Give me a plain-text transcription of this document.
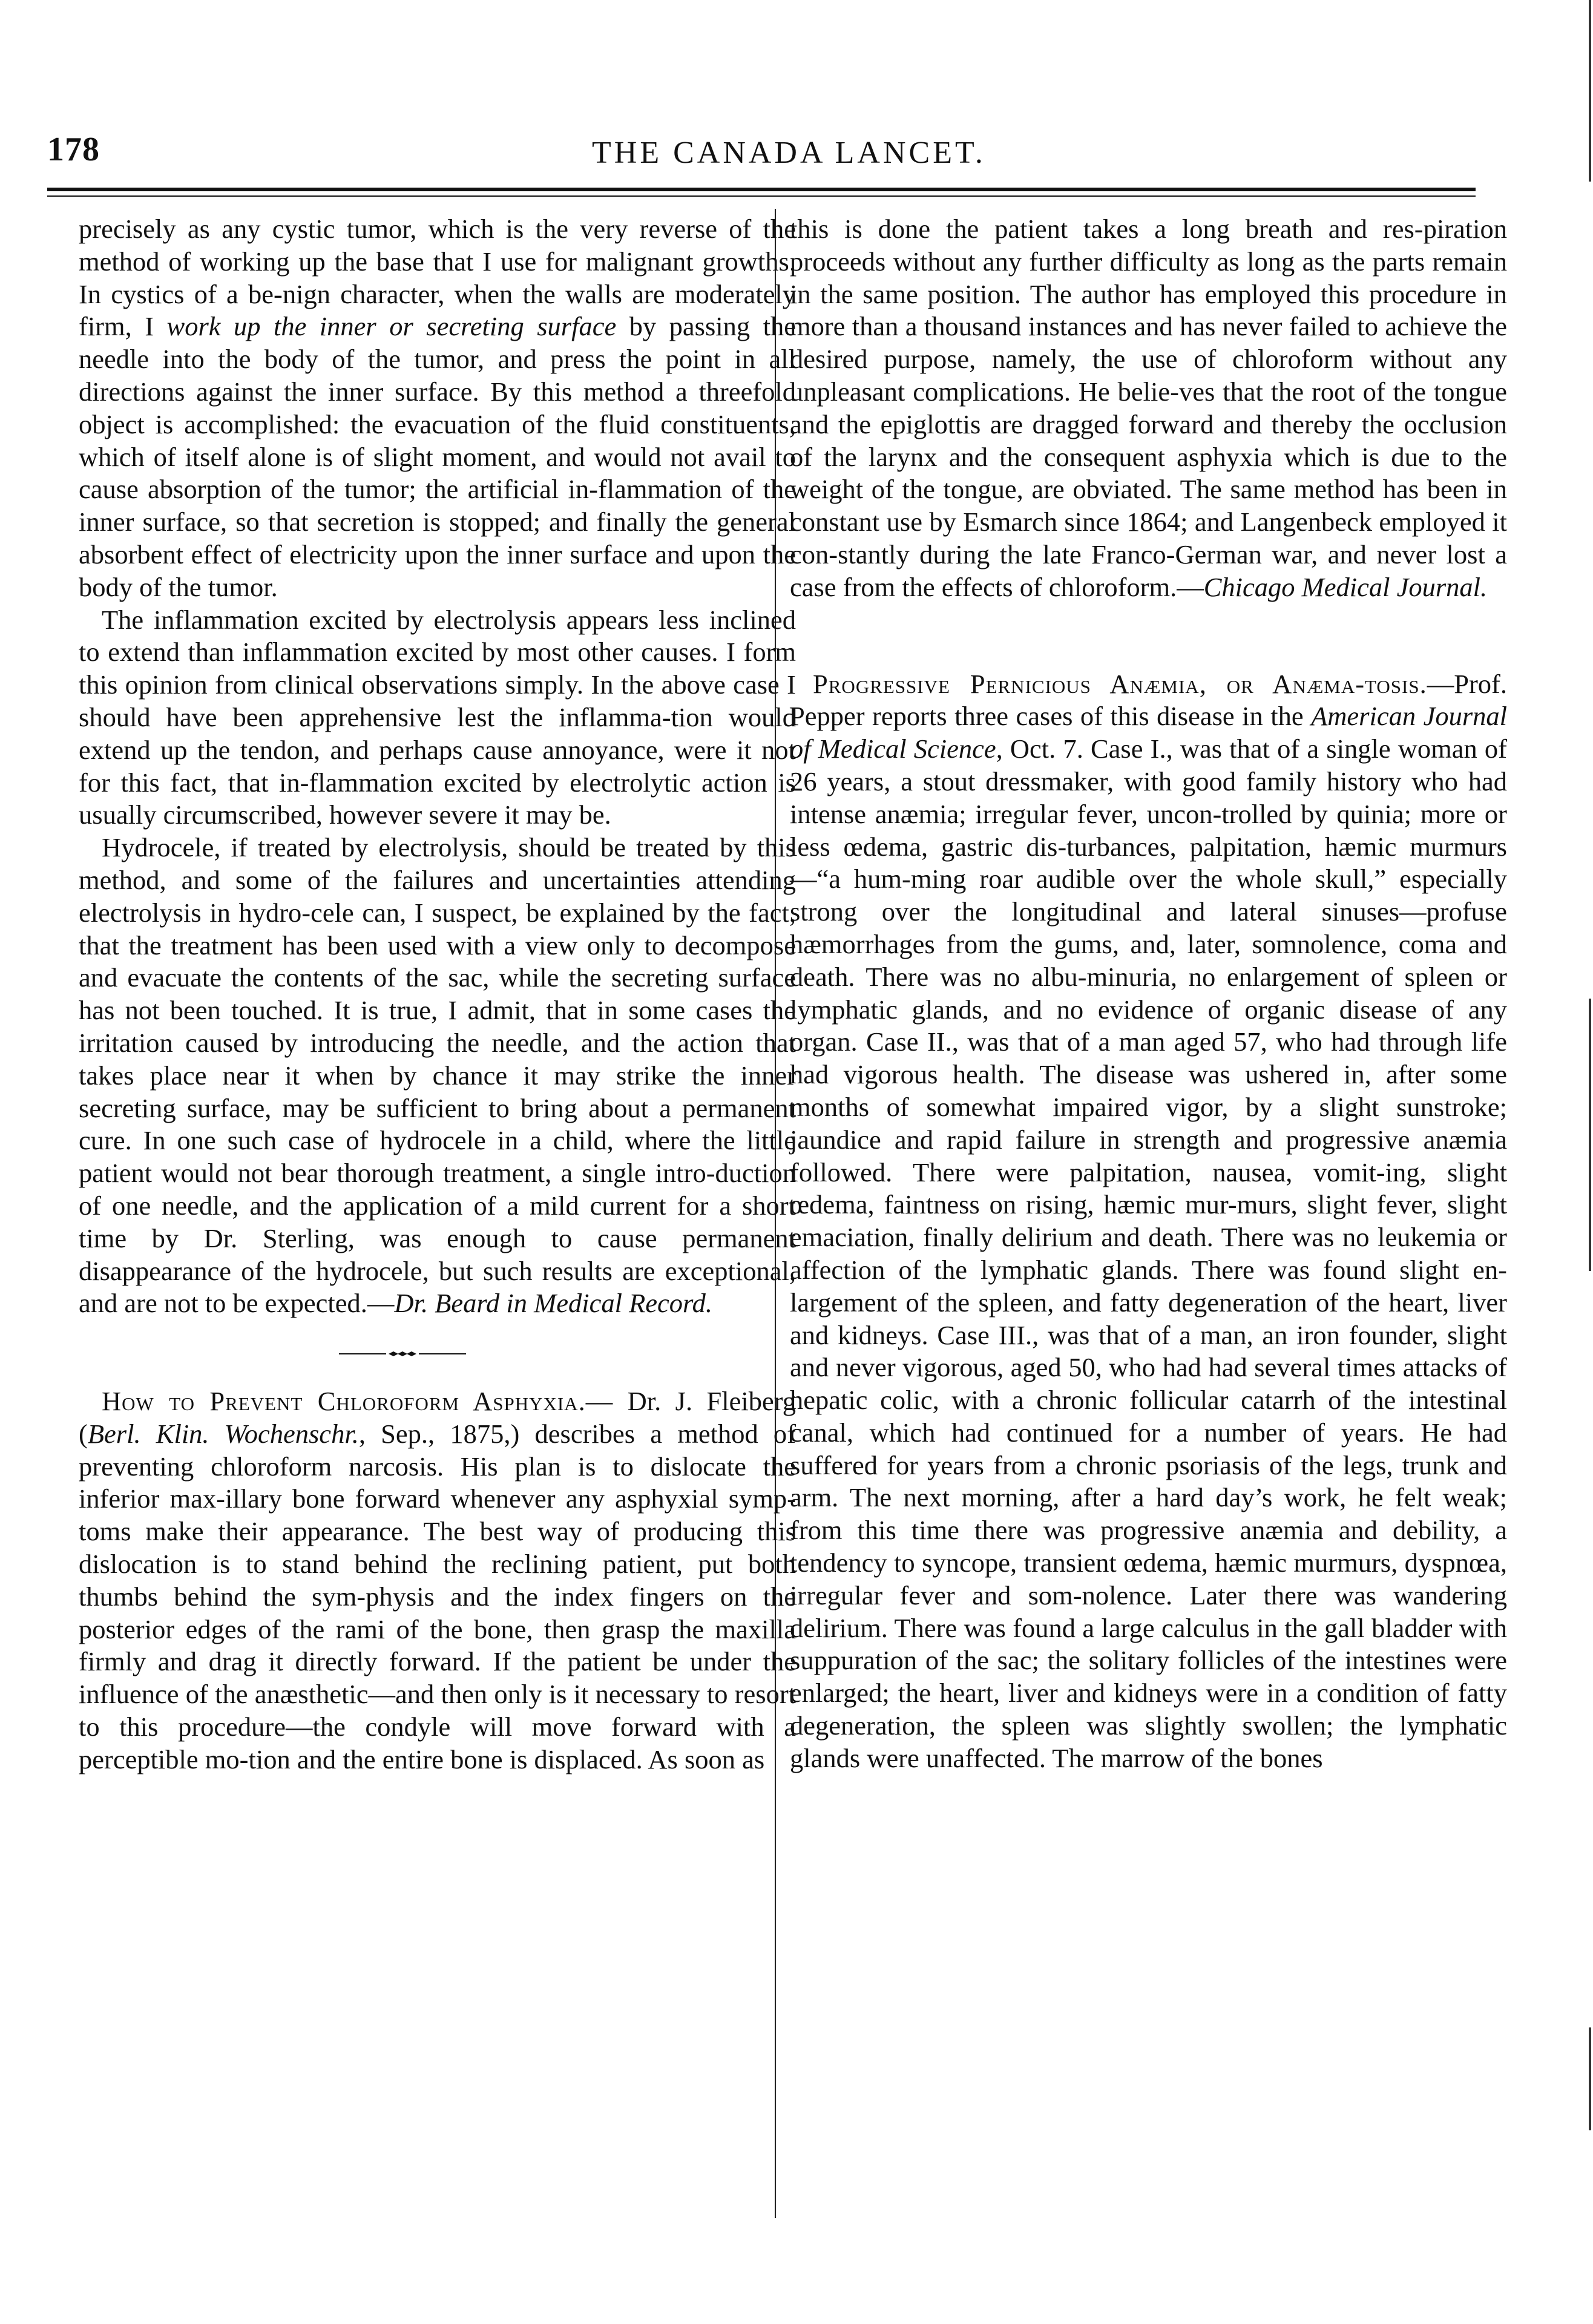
178	THE CANADA LANCET.

precisely as any cystic tumor, which is the very reverse of the method of working up the base that I use for malignant growths. In cystics of a be-nign character, when the walls are moderately firm, I work up the inner or secreting surface by passing the needle into the body of the tumor, and press the point in all directions against the inner surface. By this method a threefold object is accomplished: the evacuation of the fluid constituents, which of itself alone is of slight moment, and would not avail to cause absorption of the tumor; the artificial in-flammation of the inner surface, so that secretion is stopped; and finally the general absorbent effect of electricity upon the inner surface and upon the body of the tumor.

The inflammation excited by electrolysis appears less inclined to extend than inflammation excited by most other causes. I form this opinion from clinical observations simply. In the above case I should have been apprehensive lest the inflamma-tion would extend up the tendon, and perhaps cause annoyance, were it not for this fact, that in-flammation excited by electrolytic action is usually circumscribed, however severe it may be.

Hydrocele, if treated by electrolysis, should be treated by this method, and some of the failures and uncertainties attending electrolysis in hydro-cele can, I suspect, be explained by the fact, that the treatment has been used with a view only to decompose and evacuate the contents of the sac, while the secreting surface has not been touched. It is true, I admit, that in some cases the irritation caused by introducing the needle, and the action that takes place near it when by chance it may strike the inner secreting surface, may be sufficient to bring about a permanent cure. In one such case of hydrocele in a child, where the little patient would not bear thorough treatment, a single intro-duction of one needle, and the application of a mild current for a short time by Dr. Sterling, was enough to cause permanent disappearance of the hydrocele, but such results are exceptional, and are not to be expected.—Dr. Beard in Medical Record.

How to Prevent Chloroform Asphyxia.— Dr. J. Fleiberg (Berl. Klin. Wochenschr., Sep., 1875,) describes a method of preventing chloroform narcosis. His plan is to dislocate the inferior max-illary bone forward whenever any asphyxial symp-toms make their appearance. The best way of producing this dislocation is to stand behind the reclining patient, put both thumbs behind the sym-physis and the index fingers on the posterior edges of the rami of the bone, then grasp the maxilla firmly and drag it directly forward. If the patient be under the influence of the anæsthetic—and then only is it necessary to resort to this procedure—the condyle will move forward with a perceptible mo-tion and the entire bone is displaced. As soon as

this is done the patient takes a long breath and res-piration proceeds without any further difficulty as long as the parts remain in the same position. The author has employed this procedure in more than a thousand instances and has never failed to achieve the desired purpose, namely, the use of chloroform without any unpleasant complications. He belie-ves that the root of the tongue and the epiglottis are dragged forward and thereby the occlusion of the larynx and the consequent asphyxia which is due to the weight of the tongue, are obviated. The same method has been in constant use by Esmarch since 1864; and Langenbeck employed it con-stantly during the late Franco-German war, and never lost a case from the effects of chloroform.—Chicago Medical Journal.

Progressive Pernicious Anæmia, or Anæma-tosis.—Prof. Pepper reports three cases of this disease in the American Journal of Medical Science, Oct. 7. Case I., was that of a single woman of 26 years, a stout dressmaker, with good family history who had intense anæmia; irregular fever, uncon-trolled by quinia; more or less œdema, gastric dis-turbances, palpitation, hæmic murmurs—“a hum-ming roar audible over the whole skull,” especially strong over the longitudinal and lateral sinuses—profuse hæmorrhages from the gums, and, later, somnolence, coma and death. There was no albu-minuria, no enlargement of spleen or lymphatic glands, and no evidence of organic disease of any organ. Case II., was that of a man aged 57, who had through life had vigorous health. The disease was ushered in, after some months of somewhat impaired vigor, by a slight sunstroke; jaundice and rapid failure in strength and progressive anæmia followed. There were palpitation, nausea, vomit-ing, slight œdema, faintness on rising, hæmic mur-murs, slight fever, slight emaciation, finally delirium and death. There was no leukemia or affection of the lymphatic glands. There was found slight en-largement of the spleen, and fatty degeneration of the heart, liver and kidneys. Case III., was that of a man, an iron founder, slight and never vigorous, aged 50, who had had several times attacks of hepatic colic, with a chronic follicular catarrh of the intestinal canal, which had continued for a number of years. He had suffered for years from a chronic psoriasis of the legs, trunk and arm. The next morning, after a hard day’s work, he felt weak; from this time there was progressive anæmia and debility, a tendency to syncope, transient œdema, hæmic murmurs, dyspnœa, irregular fever and som-nolence. Later there was wandering delirium. There was found a large calculus in the gall bladder with suppuration of the sac; the solitary follicles of the intestines were enlarged; the heart, liver and kidneys were in a condition of fatty degeneration, the spleen was slightly swollen; the lymphatic glands were unaffected. The marrow of the bones
